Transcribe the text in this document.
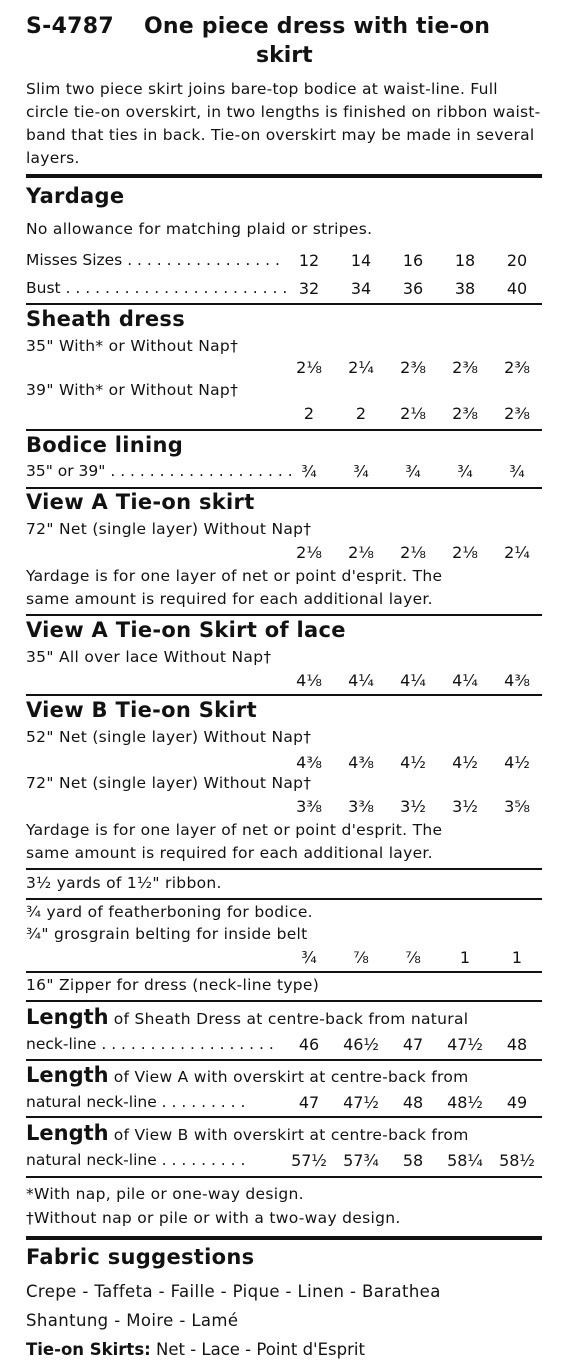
S-4787 One piece dress with tie-on
skirt
Slim two piece skirt joins bare-top bodice at waist-line. Full circle tie-on overskirt, in two lengths is finished on ribbon waist-band that ties in back. Tie-on overskirt may be made in several layers.
Yardage
No allowance for matching plaid or stripes.
Misses Sizes . . . . . . . . . . . . . . . .	12	14	16	18	20
Bust . . . . . . . . . . . . . . . . . . . . . . . 32	34	36	38	40
Sheath dress
35" With* or Without Nap†
2⅛	2¼	2⅜	2⅜	2⅜
39" With* or Without Nap†
2	2	2⅛	2⅜	2⅜
Bodice lining
35" or 39" . . . . . . . . . . . . . . . . . . . ¾	¾	¾	¾	¾
View A Tie-on skirt
72" Net (single layer) Without Nap†
2⅛	2⅛	2⅛	2⅛	2¼
Yardage is for one layer of net or point d'esprit. The
same amount is required for each additional layer.
View A Tie-on Skirt of lace
35" All over lace Without Nap†
4⅛	4¼	4¼	4¼	4⅜
View B Tie-on Skirt
52" Net (single layer) Without Nap†
4⅜	4⅜	4½	4½	4½
72" Net (single layer) Without Nap†
3⅜	3⅜	3½	3½	3⅝
Yardage is for one layer of net or point d'esprit. The
same amount is required for each additional layer.
3½ yards of 1½" ribbon.
¾ yard of featherboning for bodice.
¾" grosgrain belting for inside belt
¾	⅞	⅞	1	1
16" Zipper for dress (neck-line type)
Length of Sheath Dress at centre-back from natural
neck-line . . . . . . . . . . . . . . . . . .	46	46½	47	47½	48
Length of View A with overskirt at centre-back from
natural neck-line . . . . . . . . .	47	47½	48	48½	49
Length of View B with overskirt at centre-back from
natural neck-line . . . . . . . . .	57½	57¾	58	58¼	58½
*With nap, pile or one-way design.
†Without nap or pile or with a two-way design.
Fabric suggestions
Crepe - Taffeta - Faille - Pique - Linen - Barathea
Shantung - Moire - Lamé
Tie-on Skirts: Net - Lace - Point d'Esprit
